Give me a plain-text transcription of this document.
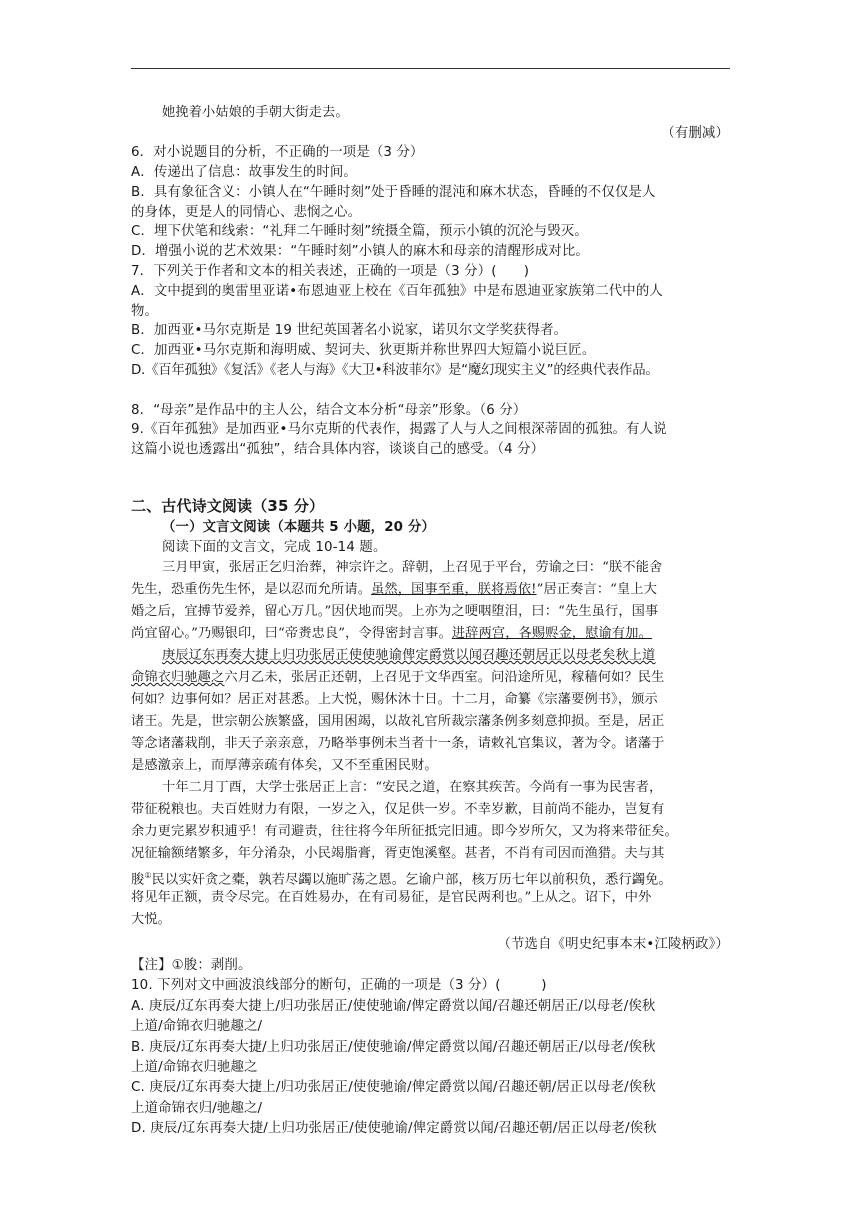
她挽着小姑娘的手朝大街走去。
（有删减）
6．对小说题目的分析，不正确的一项是（3 分）
A．传递出了信息：故事发生的时间。
B．具有象征含义：小镇人在“午睡时刻”处于昏睡的混沌和麻木状态，昏睡的不仅仅是人
的身体，更是人的同情心、悲悯之心。
C．埋下伏笔和线索：“礼拜二午睡时刻”统摄全篇，预示小镇的沉沦与毁灭。
D．增强小说的艺术效果：“午睡时刻”小镇人的麻木和母亲的清醒形成对比。
7．下列关于作者和文本的相关表述，正确的一项是（3 分）(　　)
A．文中提到的奥雷里亚诺•布恩迪亚上校在《百年孤独》中是布恩迪亚家族第二代中的人
物。
B．加西亚•马尔克斯是 19 世纪英国著名小说家，诺贝尔文学奖获得者。
C．加西亚•马尔克斯和海明威、契诃夫、狄更斯并称世界四大短篇小说巨匠。
D.《百年孤独》《复活》《老人与海》《大卫•科波菲尔》是“魔幻现实主义”的经典代表作品。
8．“母亲”是作品中的主人公，结合文本分析“母亲”形象。（6 分）
9.《百年孤独》是加西亚•马尔克斯的代表作，揭露了人与人之间根深蒂固的孤独。有人说
这篇小说也透露出“孤独”，结合具体内容，谈谈自己的感受。（4 分）
二、古代诗文阅读（35 分）
（一）文言文阅读（本题共 5 小题，20 分）
阅读下面的文言文，完成 10-14 题。
三月甲寅，张居正乞归治葬，神宗许之。辞朝，上召见于平台，劳谕之曰：“朕不能舍
先生，恐重伤先生怀，是以忍而允所请。虽然，国事至重，朕将焉依!”居正奏言：“皇上大
婚之后，宜搏节爱养，留心万几。”因伏地而哭。上亦为之哽咽堕泪，曰：“先生虽行，国事
尚宜留心。”乃赐银印，曰“帝赉忠良”，令得密封言事。进辞两宫，各赐赆金，慰谕有加。
庚辰辽东再奏大捷上归功张居正使使驰谕俾定爵赏以闻召趣还朝居正以母老矣秋上道
命锦衣归驰趣之六月乙未，张居正还朝，上召见于文华西室。问沿途所见，稼穑何如？民生
何如？边事何如？居正对甚悉。上大悦，赐休沐十日。十二月，命纂《宗藩要例书》，颁示
诸王。先是，世宗朝公族繁盛，国用困竭，以故礼官所裁宗藩条例多刻意抑损。至是，居正
等念诸藩栽削，非天子亲亲意，乃略举事例未当者十一条，请敕礼官集议，著为令。诸藩于
是感激亲上，而厚薄亲疏有体矣，又不至重困民财。
十年二月丁酉，大学士张居正上言：“安民之道，在察其疾苦。今尚有一事为民害者，
带征税粮也。夫百姓财力有限，一岁之入，仅足供一岁。不幸岁歉，目前尚不能办，岂复有
余力更完累岁积逋乎！有司避责，往往将今年所征抵完旧逋。即今岁所欠，又为将来带征矣。
况征输额绪繁多，年分淆杂，小民竭脂膏，胥吏饱溪壑。甚者，不肖有司因而渔猎。夫与其
朘①民以实奸贪之橐，孰若尽蠲以施旷荡之恩。乞谕户部，核万历七年以前积负，悉行蠲免。
将见年正额，责令尽完。在百姓易办，在有司易征，是官民两利也。”上从之。诏下，中外
大悦。
（节选自《明史纪事本末•江陵柄政》）
【注】①朘：剥削。
10. 下列对文中画波浪线部分的断句，正确的一项是（3 分）(　　　)
A. 庚辰/辽东再奏大捷上/归功张居正/使使驰谕/俾定爵赏以闻/召趣还朝居正/以母老/俟秋
上道/命锦衣归驰趣之/
B. 庚辰/辽东再奏大捷/上归功张居正/使使驰谕/俾定爵赏以闻/召趣还朝居正/以母老/俟秋
上道/命锦衣归驰趣之
C. 庚辰/辽东再奏大捷上/归功张居正/使使驰谕/俾定爵赏以闻/召趣还朝/居正以母老/俟秋
上道命锦衣归/驰趣之/
D. 庚辰/辽东再奏大捷/上归功张居正/使使驰谕/俾定爵赏以闻/召趣还朝/居正以母老/俟秋
